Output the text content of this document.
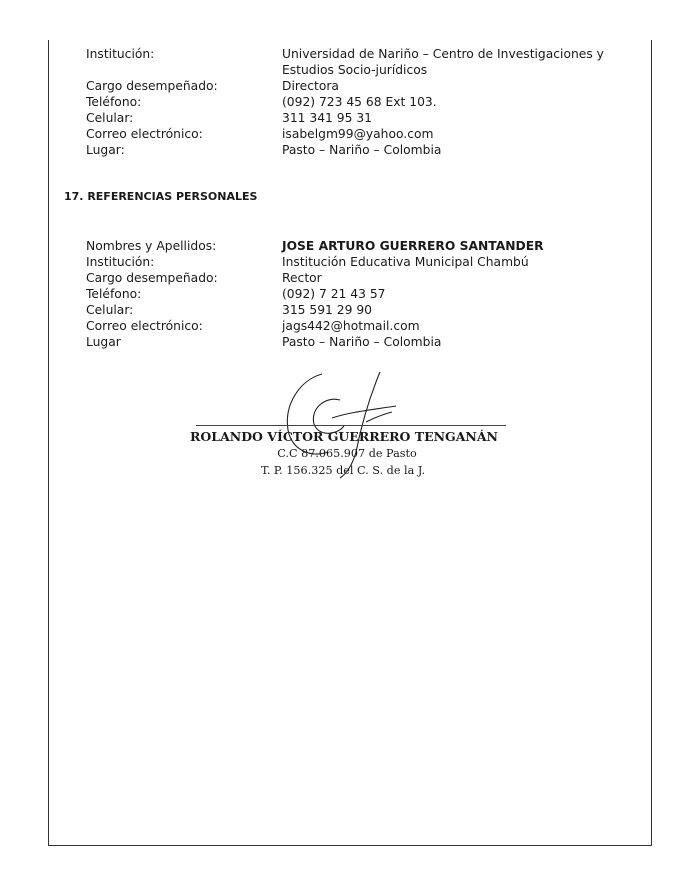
Institución:	Universidad de Nariño – Centro de Investigaciones y
Estudios Socio-jurídicos
Cargo desempeñado:	Directora
Teléfono:	(092) 723 45 68 Ext 103.
Celular:	311 341 95 31
Correo electrónico:	isabelgm99@yahoo.com
Lugar:	Pasto – Nariño – Colombia
17. REFERENCIAS PERSONALES
Nombres y Apellidos:	JOSE ARTURO GUERRERO SANTANDER
Institución:	Institución Educativa Municipal Chambú
Cargo desempeñado:	Rector
Teléfono:	(092) 7 21 43 57
Celular:	315 591 29 90
Correo electrónico:	jags442@hotmail.com
Lugar	Pasto – Nariño – Colombia
ROLANDO VÍCTOR GUERRERO TENGANÁN
C.C 87.065.907 de Pasto
T. P. 156.325 del C. S. de la J.
